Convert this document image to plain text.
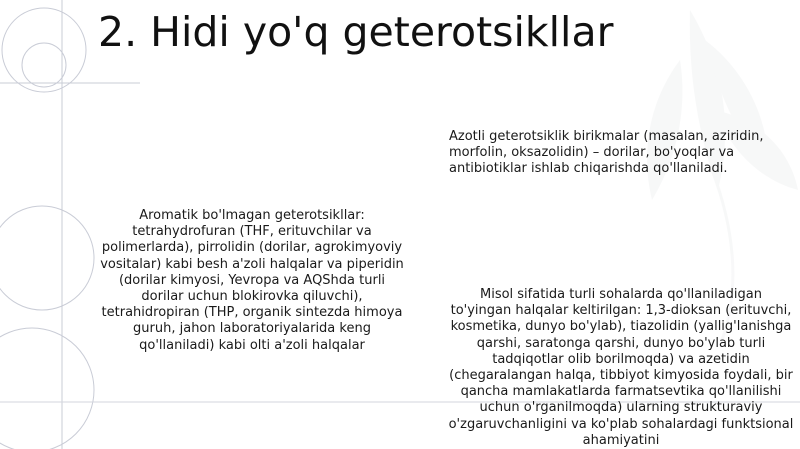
2. Hidi yo'q geterotsikllar

Azotli geterotsiklik birikmalar (masalan, aziridin, morfolin, oksazolidin) – dorilar, bo'yoqlar va antibiotiklar ishlab chiqarishda qo'llaniladi.

Aromatik bo'lmagan geterotsikllar: tetrahydrofuran (THF, erituvchilar va polimerlarda), pirrolidin (dorilar, agrokimyoviy vositalar) kabi besh a'zoli halqalar va piperidin (dorilar kimyosi, Yevropa va AQShda turli dorilar uchun blokirovka qiluvchi), tetrahidropiran (THP, organik sintezda himoya guruh, jahon laboratoriyalarida keng qo'llaniladi) kabi olti a'zoli halqalar

Misol sifatida turli sohalarda qo'llaniladigan to'yingan halqalar keltirilgan: 1,3-dioksan (erituvchi, kosmetika, dunyo bo'ylab), tiazolidin (yallig'lanishga qarshi, saratonga qarshi, dunyo bo'ylab turli tadqiqotlar olib borilmoqda) va azetidin (chegaralangan halqa, tibbiyot kimyosida foydali, bir qancha mamlakatlarda farmatsevtika qo'llanilishi uchun o'rganilmoqda) ularning strukturaviy o'zgaruvchanligini va ko'plab sohalardagi funktsional ahamiyatini
